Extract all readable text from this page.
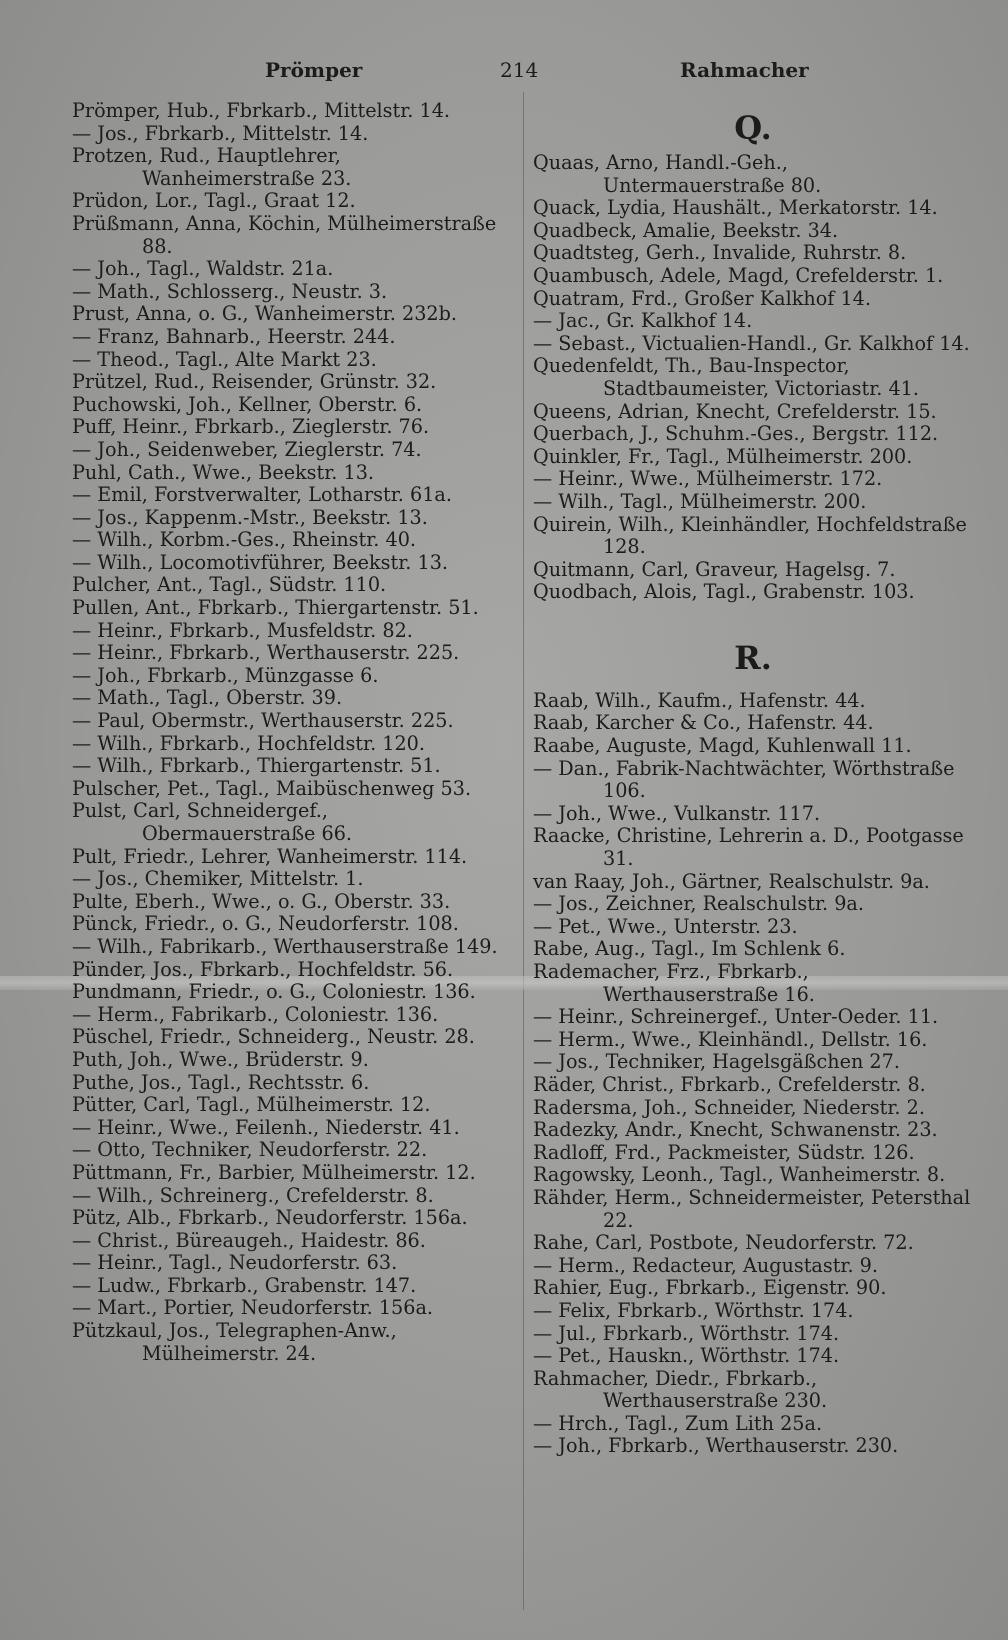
Prömper	214	Rahmacher
Prömper, Hub., Fbrkarb., Mittelstr. 14.
— Jos., Fbrkarb., Mittelstr. 14.
Protzen, Rud., Hauptlehrer, Wanheimerstraße 23.
Prüdon, Lor., Tagl., Graat 12.
Prüßmann, Anna, Köchin, Mülheimerstraße 88.
— Joh., Tagl., Waldstr. 21a.
— Math., Schlosserg., Neustr. 3.
Prust, Anna, o. G., Wanheimerstr. 232b.
— Franz, Bahnarb., Heerstr. 244.
— Theod., Tagl., Alte Markt 23.
Prützel, Rud., Reisender, Grünstr. 32.
Puchowski, Joh., Kellner, Oberstr. 6.
Puff, Heinr., Fbrkarb., Zieglerstr. 76.
— Joh., Seidenweber, Zieglerstr. 74.
Puhl, Cath., Wwe., Beekstr. 13.
— Emil, Forstverwalter, Lotharstr. 61a.
— Jos., Kappenm.-Mstr., Beekstr. 13.
— Wilh., Korbm.-Ges., Rheinstr. 40.
— Wilh., Locomotivführer, Beekstr. 13.
Pulcher, Ant., Tagl., Südstr. 110.
Pullen, Ant., Fbrkarb., Thiergartenstr. 51.
— Heinr., Fbrkarb., Musfeldstr. 82.
— Heinr., Fbrkarb., Werthauserstr. 225.
— Joh., Fbrkarb., Münzgasse 6.
— Math., Tagl., Oberstr. 39.
— Paul, Obermstr., Werthauserstr. 225.
— Wilh., Fbrkarb., Hochfeldstr. 120.
— Wilh., Fbrkarb., Thiergartenstr. 51.
Pulscher, Pet., Tagl., Maibüschenweg 53.
Pulst, Carl, Schneidergef., Obermauerstraße 66.
Pult, Friedr., Lehrer, Wanheimerstr. 114.
— Jos., Chemiker, Mittelstr. 1.
Pulte, Eberh., Wwe., o. G., Oberstr. 33.
Pünck, Friedr., o. G., Neudorferstr. 108.
— Wilh., Fabrikarb., Werthauserstraße 149.
Pünder, Jos., Fbrkarb., Hochfeldstr. 56.
Pundmann, Friedr., o. G., Coloniestr. 136.
— Herm., Fabrikarb., Coloniestr. 136.
Püschel, Friedr., Schneiderg., Neustr. 28.
Puth, Joh., Wwe., Brüderstr. 9.
Puthe, Jos., Tagl., Rechtsstr. 6.
Pütter, Carl, Tagl., Mülheimerstr. 12.
— Heinr., Wwe., Feilenh., Niederstr. 41.
— Otto, Techniker, Neudorferstr. 22.
Püttmann, Fr., Barbier, Mülheimerstr. 12.
— Wilh., Schreinerg., Crefelderstr. 8.
Pütz, Alb., Fbrkarb., Neudorferstr. 156a.
— Christ., Büreaugeh., Haidestr. 86.
— Heinr., Tagl., Neudorferstr. 63.
— Ludw., Fbrkarb., Grabenstr. 147.
— Mart., Portier, Neudorferstr. 156a.
Pützkaul, Jos., Telegraphen-Anw., Mülheimerstr. 24.
Q.
Quaas, Arno, Handl.-Geh., Untermauerstraße 80.
Quack, Lydia, Haushält., Merkatorstr. 14.
Quadbeck, Amalie, Beekstr. 34.
Quadtsteg, Gerh., Invalide, Ruhrstr. 8.
Quambusch, Adele, Magd, Crefelderstr. 1.
Quatram, Frd., Großer Kalkhof 14.
— Jac., Gr. Kalkhof 14.
— Sebast., Victualien-Handl., Gr. Kalkhof 14.
Quedenfeldt, Th., Bau-Inspector, Stadtbaumeister, Victoriastr. 41.
Queens, Adrian, Knecht, Crefelderstr. 15.
Querbach, J., Schuhm.-Ges., Bergstr. 112.
Quinkler, Fr., Tagl., Mülheimerstr. 200.
— Heinr., Wwe., Mülheimerstr. 172.
— Wilh., Tagl., Mülheimerstr. 200.
Quirein, Wilh., Kleinhändler, Hochfeldstraße 128.
Quitmann, Carl, Graveur, Hagelsg. 7.
Quodbach, Alois, Tagl., Grabenstr. 103.
R.
Raab, Wilh., Kaufm., Hafenstr. 44.
Raab, Karcher & Co., Hafenstr. 44.
Raabe, Auguste, Magd, Kuhlenwall 11.
— Dan., Fabrik-Nachtwächter, Wörthstraße 106.
— Joh., Wwe., Vulkanstr. 117.
Raacke, Christine, Lehrerin a. D., Pootgasse 31.
van Raay, Joh., Gärtner, Realschulstr. 9a.
— Jos., Zeichner, Realschulstr. 9a.
— Pet., Wwe., Unterstr. 23.
Rabe, Aug., Tagl., Im Schlenk 6.
Rademacher, Frz., Fbrkarb., Werthauserstraße 16.
— Heinr., Schreinergef., Unter-Oeder. 11.
— Herm., Wwe., Kleinhändl., Dellstr. 16.
— Jos., Techniker, Hagelsgäßchen 27.
Räder, Christ., Fbrkarb., Crefelderstr. 8.
Radersma, Joh., Schneider, Niederstr. 2.
Radezky, Andr., Knecht, Schwanenstr. 23.
Radloff, Frd., Packmeister, Südstr. 126.
Ragowsky, Leonh., Tagl., Wanheimerstr. 8.
Rähder, Herm., Schneidermeister, Petersthal 22.
Rahe, Carl, Postbote, Neudorferstr. 72.
— Herm., Redacteur, Augustastr. 9.
Rahier, Eug., Fbrkarb., Eigenstr. 90.
— Felix, Fbrkarb., Wörthstr. 174.
— Jul., Fbrkarb., Wörthstr. 174.
— Pet., Hauskn., Wörthstr. 174.
Rahmacher, Diedr., Fbrkarb., Werthauserstraße 230.
— Hrch., Tagl., Zum Lith 25a.
— Joh., Fbrkarb., Werthauserstr. 230.
